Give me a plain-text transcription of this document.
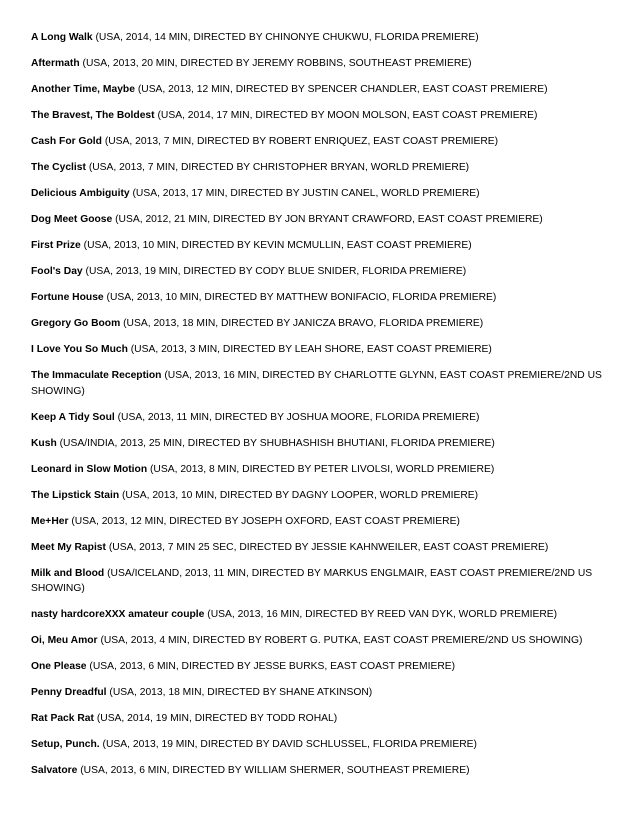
A Long Walk (USA, 2014, 14 MIN, DIRECTED BY CHINONYE CHUKWU, FLORIDA PREMIERE)
Aftermath (USA, 2013, 20 MIN, DIRECTED BY JEREMY ROBBINS, SOUTHEAST PREMIERE)
Another Time, Maybe (USA, 2013, 12 MIN, DIRECTED BY SPENCER CHANDLER, EAST COAST PREMIERE)
The Bravest, The Boldest (USA, 2014, 17 MIN, DIRECTED BY MOON MOLSON, EAST COAST PREMIERE)
Cash For Gold (USA, 2013, 7 MIN, DIRECTED BY ROBERT ENRIQUEZ, EAST COAST PREMIERE)
The Cyclist (USA, 2013, 7 MIN, DIRECTED BY CHRISTOPHER BRYAN, WORLD PREMIERE)
Delicious Ambiguity (USA, 2013, 17 MIN, DIRECTED BY JUSTIN CANEL, WORLD PREMIERE)
Dog Meet Goose (USA, 2012, 21 MIN, DIRECTED BY JON BRYANT CRAWFORD, EAST COAST PREMIERE)
First Prize (USA, 2013, 10 MIN, DIRECTED BY KEVIN MCMULLIN, EAST COAST PREMIERE)
Fool's Day (USA, 2013, 19 MIN, DIRECTED BY CODY BLUE SNIDER, FLORIDA PREMIERE)
Fortune House (USA, 2013, 10 MIN, DIRECTED BY MATTHEW BONIFACIO, FLORIDA PREMIERE)
Gregory Go Boom (USA, 2013, 18 MIN, DIRECTED BY JANICZA BRAVO, FLORIDA PREMIERE)
I Love You So Much (USA, 2013, 3 MIN, DIRECTED BY LEAH SHORE, EAST COAST PREMIERE)
The Immaculate Reception (USA, 2013, 16 MIN, DIRECTED BY CHARLOTTE GLYNN, EAST COAST PREMIERE/2ND US SHOWING)
Keep A Tidy Soul (USA, 2013, 11 MIN, DIRECTED BY JOSHUA MOORE, FLORIDA PREMIERE)
Kush (USA/INDIA, 2013, 25 MIN, DIRECTED BY SHUBHASHISH BHUTIANI, FLORIDA PREMIERE)
Leonard in Slow Motion (USA, 2013, 8 MIN, DIRECTED BY PETER LIVOLSI, WORLD PREMIERE)
The Lipstick Stain (USA, 2013, 10 MIN, DIRECTED BY DAGNY LOOPER, WORLD PREMIERE)
Me+Her (USA, 2013, 12 MIN, DIRECTED BY JOSEPH OXFORD, EAST COAST PREMIERE)
Meet My Rapist (USA, 2013, 7 MIN 25 SEC, DIRECTED BY JESSIE KAHNWEILER, EAST COAST PREMIERE)
Milk and Blood (USA/ICELAND, 2013, 11 MIN, DIRECTED BY MARKUS ENGLMAIR, EAST COAST PREMIERE/2ND US SHOWING)
nasty hardcoreXXX amateur couple (USA, 2013, 16 MIN, DIRECTED BY REED VAN DYK, WORLD PREMIERE)
Oi, Meu Amor (USA, 2013, 4 MIN, DIRECTED BY ROBERT G. PUTKA, EAST COAST PREMIERE/2ND US SHOWING)
One Please (USA, 2013, 6 MIN, DIRECTED BY JESSE BURKS, EAST COAST PREMIERE)
Penny Dreadful (USA, 2013, 18 MIN, DIRECTED BY SHANE ATKINSON)
Rat Pack Rat (USA, 2014, 19 MIN, DIRECTED BY TODD ROHAL)
Setup, Punch. (USA, 2013, 19 MIN, DIRECTED BY DAVID SCHLUSSEL, FLORIDA PREMIERE)
Salvatore (USA, 2013, 6 MIN, DIRECTED BY WILLIAM SHERMER, SOUTHEAST PREMIERE)
